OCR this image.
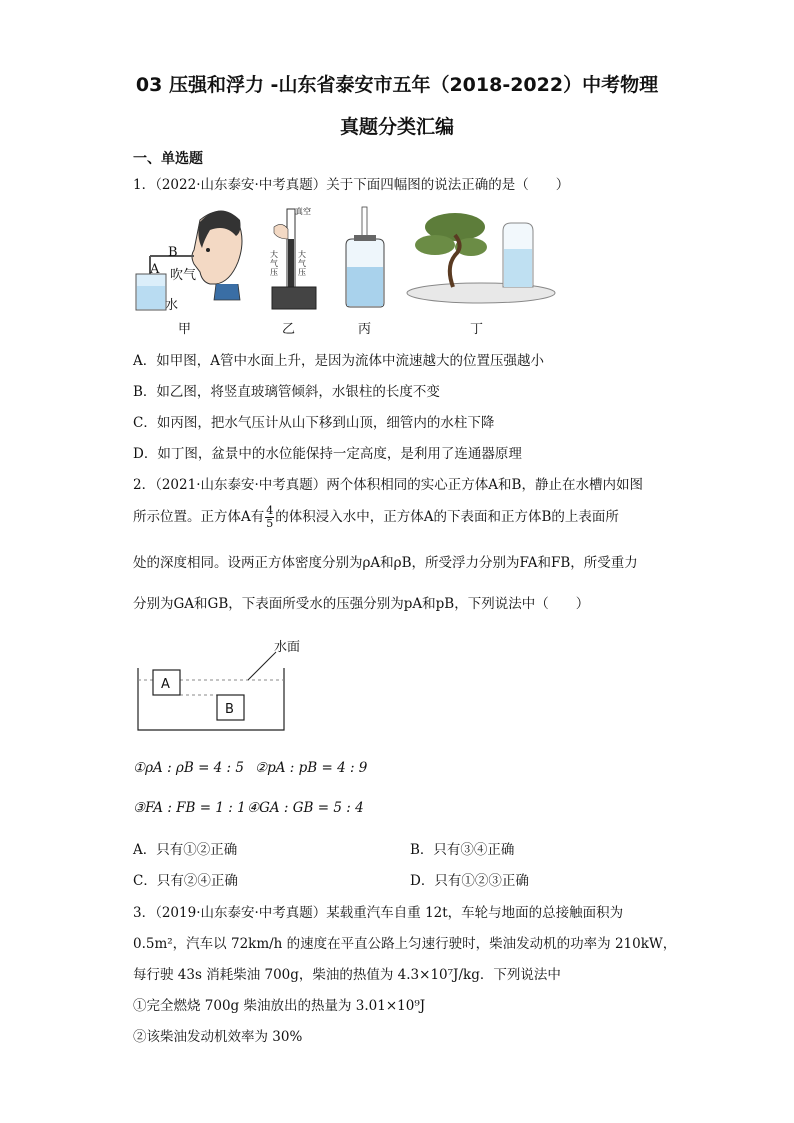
03 压强和浮力 -山东省泰安市五年（2018-2022）中考物理
真题分类汇编
一、单选题
1．（2022·山东泰安·中考真题）关于下面四幅图的说法正确的是（　　）
B
A 吹气
水
甲
真空
大气压
大气压
乙	丙	丁
A．如甲图，A管中水面上升，是因为流体中流速越大的位置压强越小
B．如乙图，将竖直玻璃管倾斜，水银柱的长度不变
C．如丙图，把水气压计从山下移到山顶，细管内的水柱下降
D．如丁图，盆景中的水位能保持一定高度，是利用了连通器原理
2．（2021·山东泰安·中考真题）两个体积相同的实心正方体A和B，静止在水槽内如图
所示位置。正方体A有 $\frac{4}{5}$ 的体积浸入水中，正方体A的下表面和正方体B的上表面所
处的深度相同。设两正方体密度分别为ρA和ρB，所受浮力分别为FA和FB，所受重力
分别为GA和GB，下表面所受水的压强分别为pA和pB，下列说法中（　　）
水面
A
B
①ρA : ρB = 4 : 5 ②pA : pB = 4 : 9
③FA : FB = 1 : 1 ④GA : GB = 5 : 4
A．只有①②正确	B．只有③④正确
C．只有②④正确	D．只有①②③正确
3．（2019·山东泰安·中考真题）某载重汽车自重 12t，车轮与地面的总接触面积为
0.5m²，汽车以 72km/h 的速度在平直公路上匀速行驶时，柴油发动机的功率为 210kW，
每行驶 43s 消耗柴油 700g，柴油的热值为 4.3×10⁷J/kg．下列说法中
①完全燃烧 700g 柴油放出的热量为 3.01×10⁹J
②该柴油发动机效率为 30%
